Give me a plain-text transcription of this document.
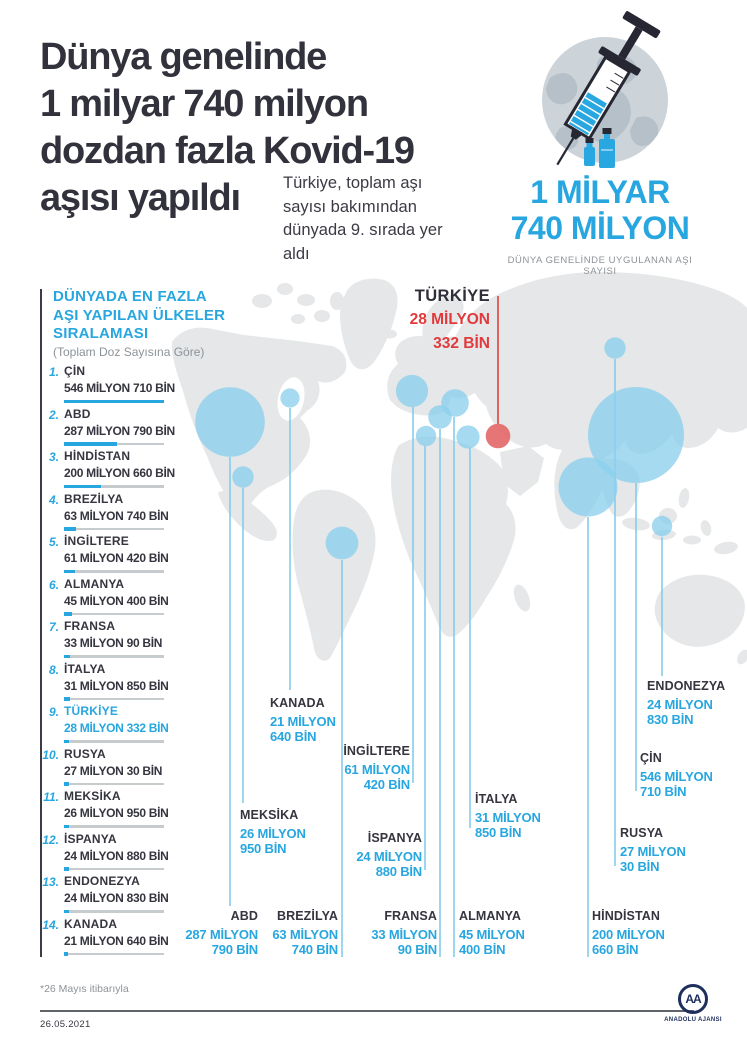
Dünya genelinde
1 milyar 740 milyon
dozdan fazla Kovid-19
aşısı yapıldı	Türkiye, toplam aşı sayısı bakımından dünyada 9. sırada yer aldı

1 MİLYAR
740 MİLYON
DÜNYA GENELİNDE UYGULANAN AŞI SAYISI
DÜNYADA EN FAZLA
AŞI YAPILAN ÜLKELER
SIRALAMASI
(Toplam Doz Sayısına Göre)
1. ÇİN
546 MİLYON 710 BİN
2. ABD
287 MİLYON 790 BİN
3. HİNDİSTAN
200 MİLYON 660 BİN
4. BREZİLYA
63 MİLYON 740 BİN
5. İNGİLTERE
61 MİLYON 420 BİN
6. ALMANYA
45 MİLYON 400 BİN
7. FRANSA
33 MİLYON 90 BİN
8. İTALYA
31 MİLYON 850 BİN
9. TÜRKİYE
28 MİLYON 332 BİN
10. RUSYA
27 MİLYON 30 BİN
11. MEKSİKA
26 MİLYON 950 BİN
12. İSPANYA
24 MİLYON 880 BİN
13. ENDONEZYA
24 MİLYON 830 BİN
14. KANADA
21 MİLYON 640 BİN
ABD
287 MİLYON
790 BİN
KANADA
21 MİLYON
640 BİN
MEKSİKA
26 MİLYON
950 BİN
BREZİLYA
63 MİLYON
740 BİN
İNGİLTERE
61 MİLYON
420 BİN
İSPANYA
24 MİLYON
880 BİN
FRANSA
33 MİLYON
90 BİN
ALMANYA
45 MİLYON
400 BİN
İTALYA
31 MİLYON
850 BİN	RUSYA
27 MİLYON
30 BİN
ÇİN
546 MİLYON
710 BİN
HİNDİSTAN
200 MİLYON
660 BİN
ENDONEZYA
24 MİLYON
830 BİN
TÜRKİYE
28 MİLYON
332 BİN
*26 Mayıs itibarıyla
26.05.2021
AA
ANADOLU AJANSI
